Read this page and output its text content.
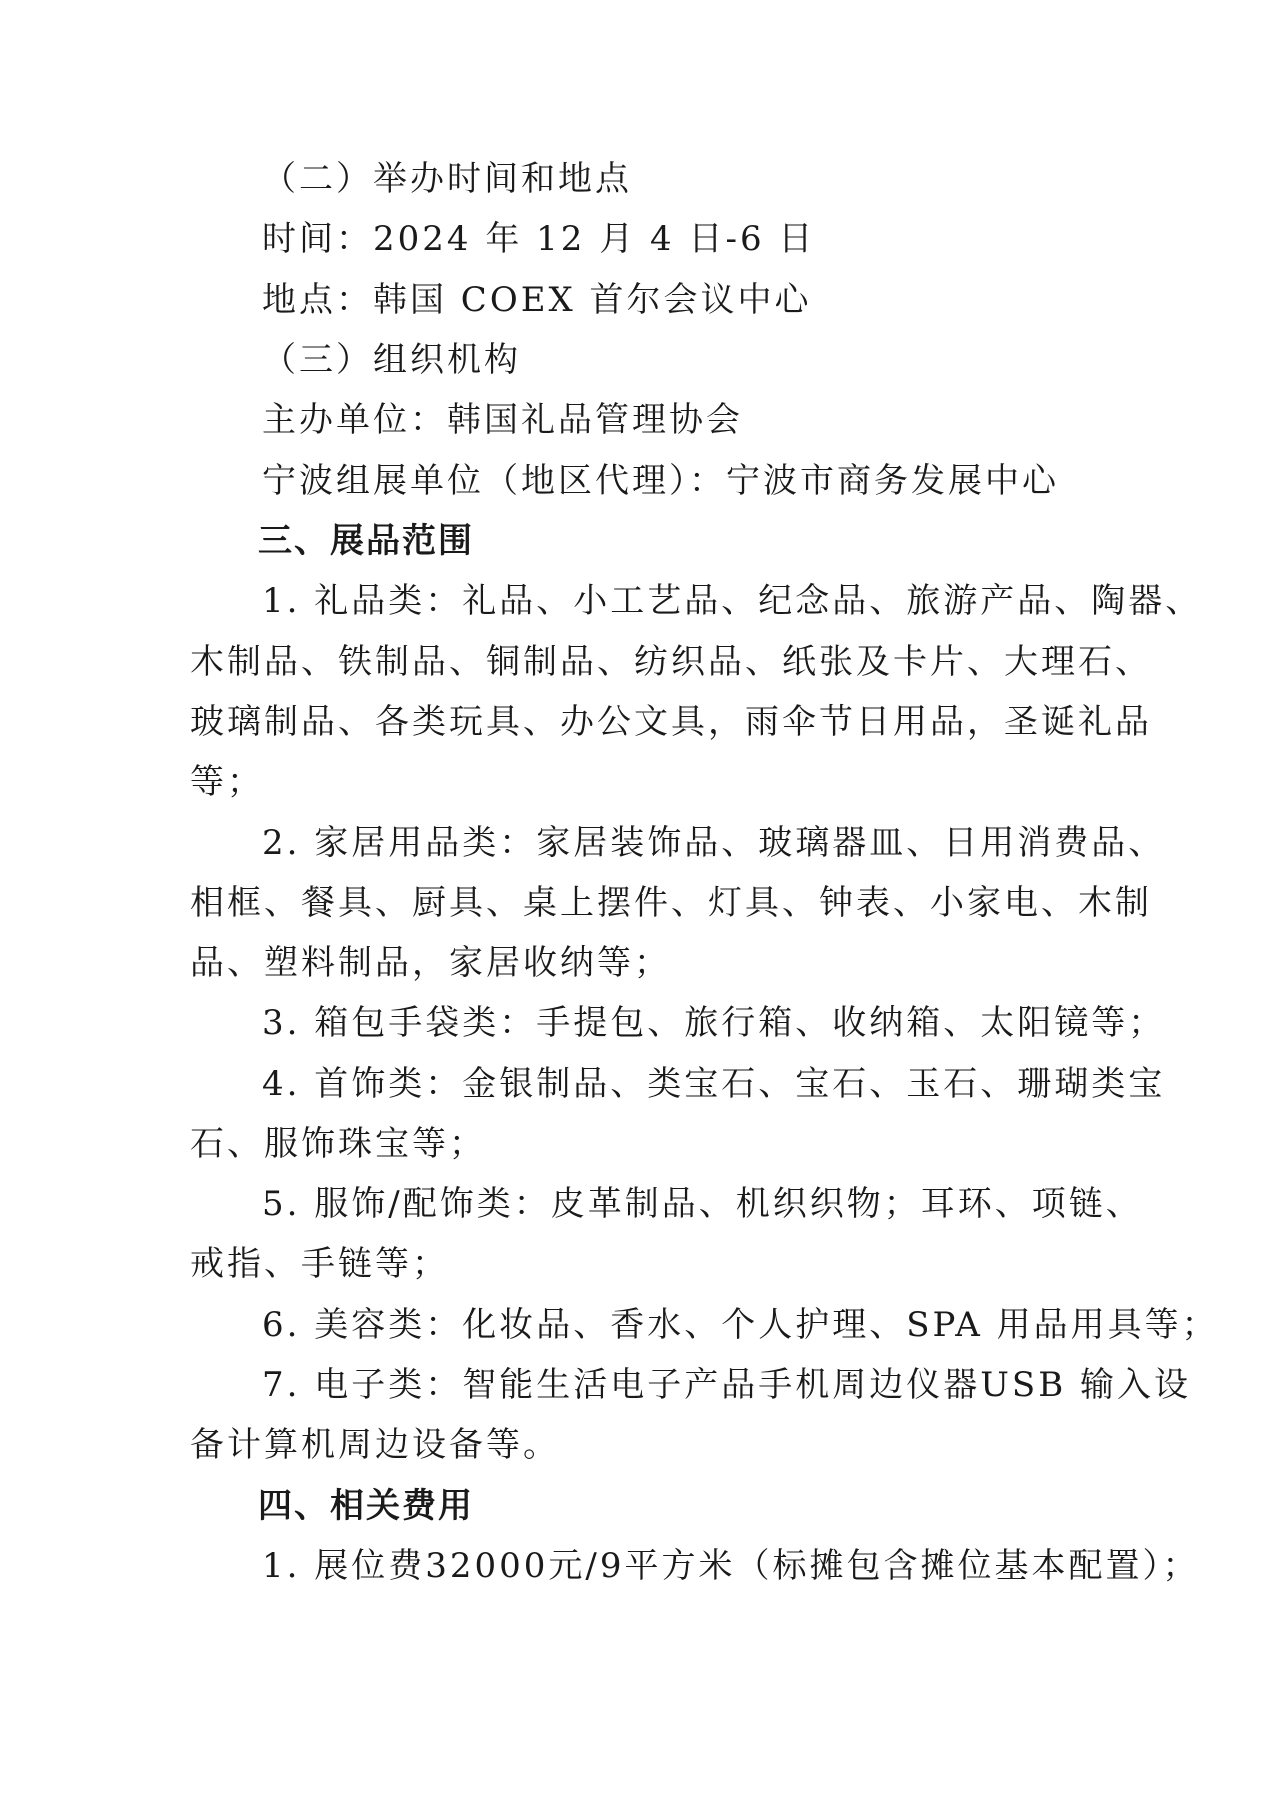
（二）举办时间和地点
时间：2024 年 12 月 4 日-6 日
地点：韩国 COEX 首尔会议中心
（三）组织机构
主办单位：韩国礼品管理协会
宁波组展单位（地区代理）：宁波市商务发展中心
三、展品范围
1. 礼品类：礼品、小工艺品、纪念品、旅游产品、陶器、
木制品、铁制品、铜制品、纺织品、纸张及卡片、大理石、
玻璃制品、各类玩具、办公文具，雨伞节日用品，圣诞礼品
等；
2. 家居用品类：家居装饰品、玻璃器皿、日用消费品、
相框、餐具、厨具、桌上摆件、灯具、钟表、小家电、木制
品、塑料制品，家居收纳等；
3. 箱包手袋类：手提包、旅行箱、收纳箱、太阳镜等；
4. 首饰类：金银制品、类宝石、宝石、玉石、珊瑚类宝
石、服饰珠宝等；
5. 服饰/配饰类：皮革制品、机织织物；耳环、项链、
戒指、手链等；
6. 美容类：化妆品、香水、个人护理、SPA 用品用具等；
7. 电子类：智能生活电子产品手机周边仪器USB 输入设
备计算机周边设备等。
四、相关费用
1. 展位费32000元/9平方米（标摊包含摊位基本配置）；
